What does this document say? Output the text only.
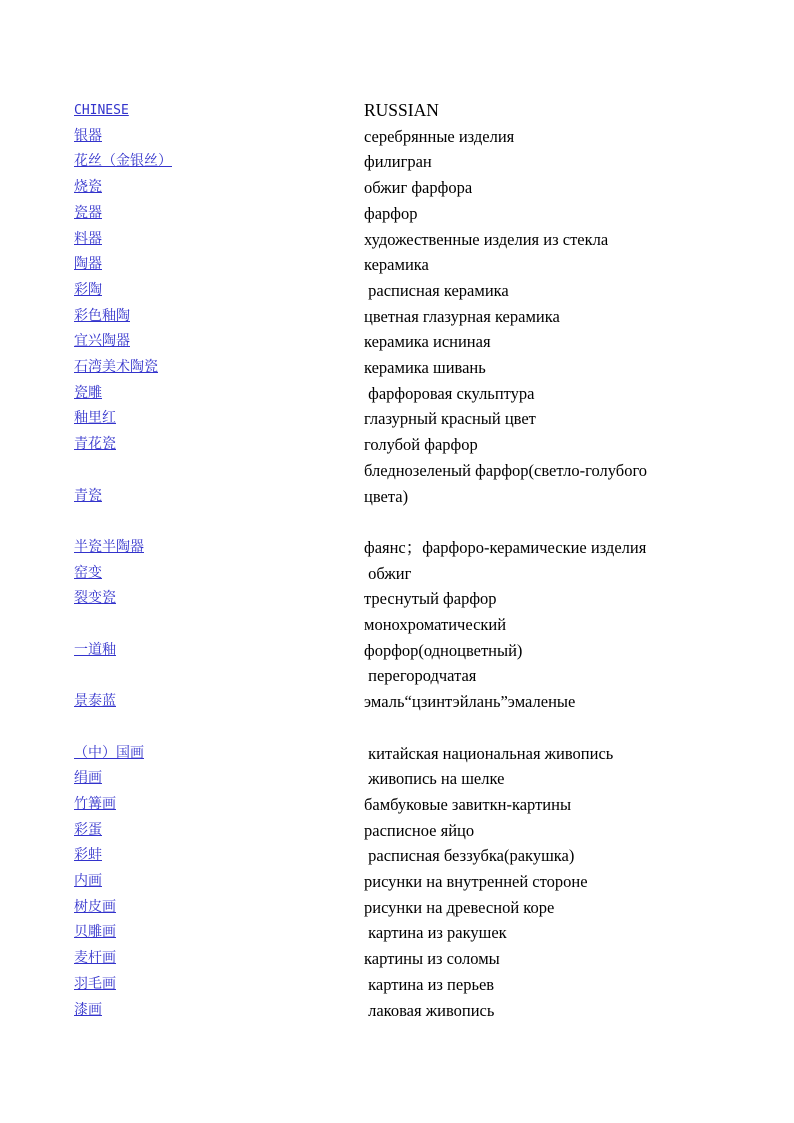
CHINESE	RUSSIAN
银器	серебрянные изделия
花丝（金银丝）	филигран
烧瓷	обжиг фарфора
瓷器	фарфор
料器	художественные изделия из стекла
陶器	керамика
彩陶	расписная керамика
彩色釉陶	цветная глазурная керамика
宜兴陶器	керамика исниная
石湾美术陶瓷	керамика шивань
瓷雕	фарфоровая скульптура
釉里红	глазурный красный цвет
青花瓷	голубой фарфор
青瓷	бледнозеленый фарфор(светло-голубого цвета)
半瓷半陶器	фаянс；фарфоро-керамические изделия
窑变	обжиг
裂变瓷	треснутый фарфор
一道釉	монохроматический форфор(одноцветный)
景泰蓝	перегородчатая эмаль“цзинтэйлань”эмаленые
（中）国画	китайская национальная живопись
绢画	живопись на шелке
竹篝画	бамбуковые завиткн-картины
彩蛋	расписное яйцо
彩蚌	расписная беззубка(ракушка)
内画	рисунки на внутренней стороне
树皮画	рисунки на древесной коре
贝雕画	картина из ракушек
麦杆画	картины из соломы
羽毛画	картина из перьев
漆画	лаковая живопись
